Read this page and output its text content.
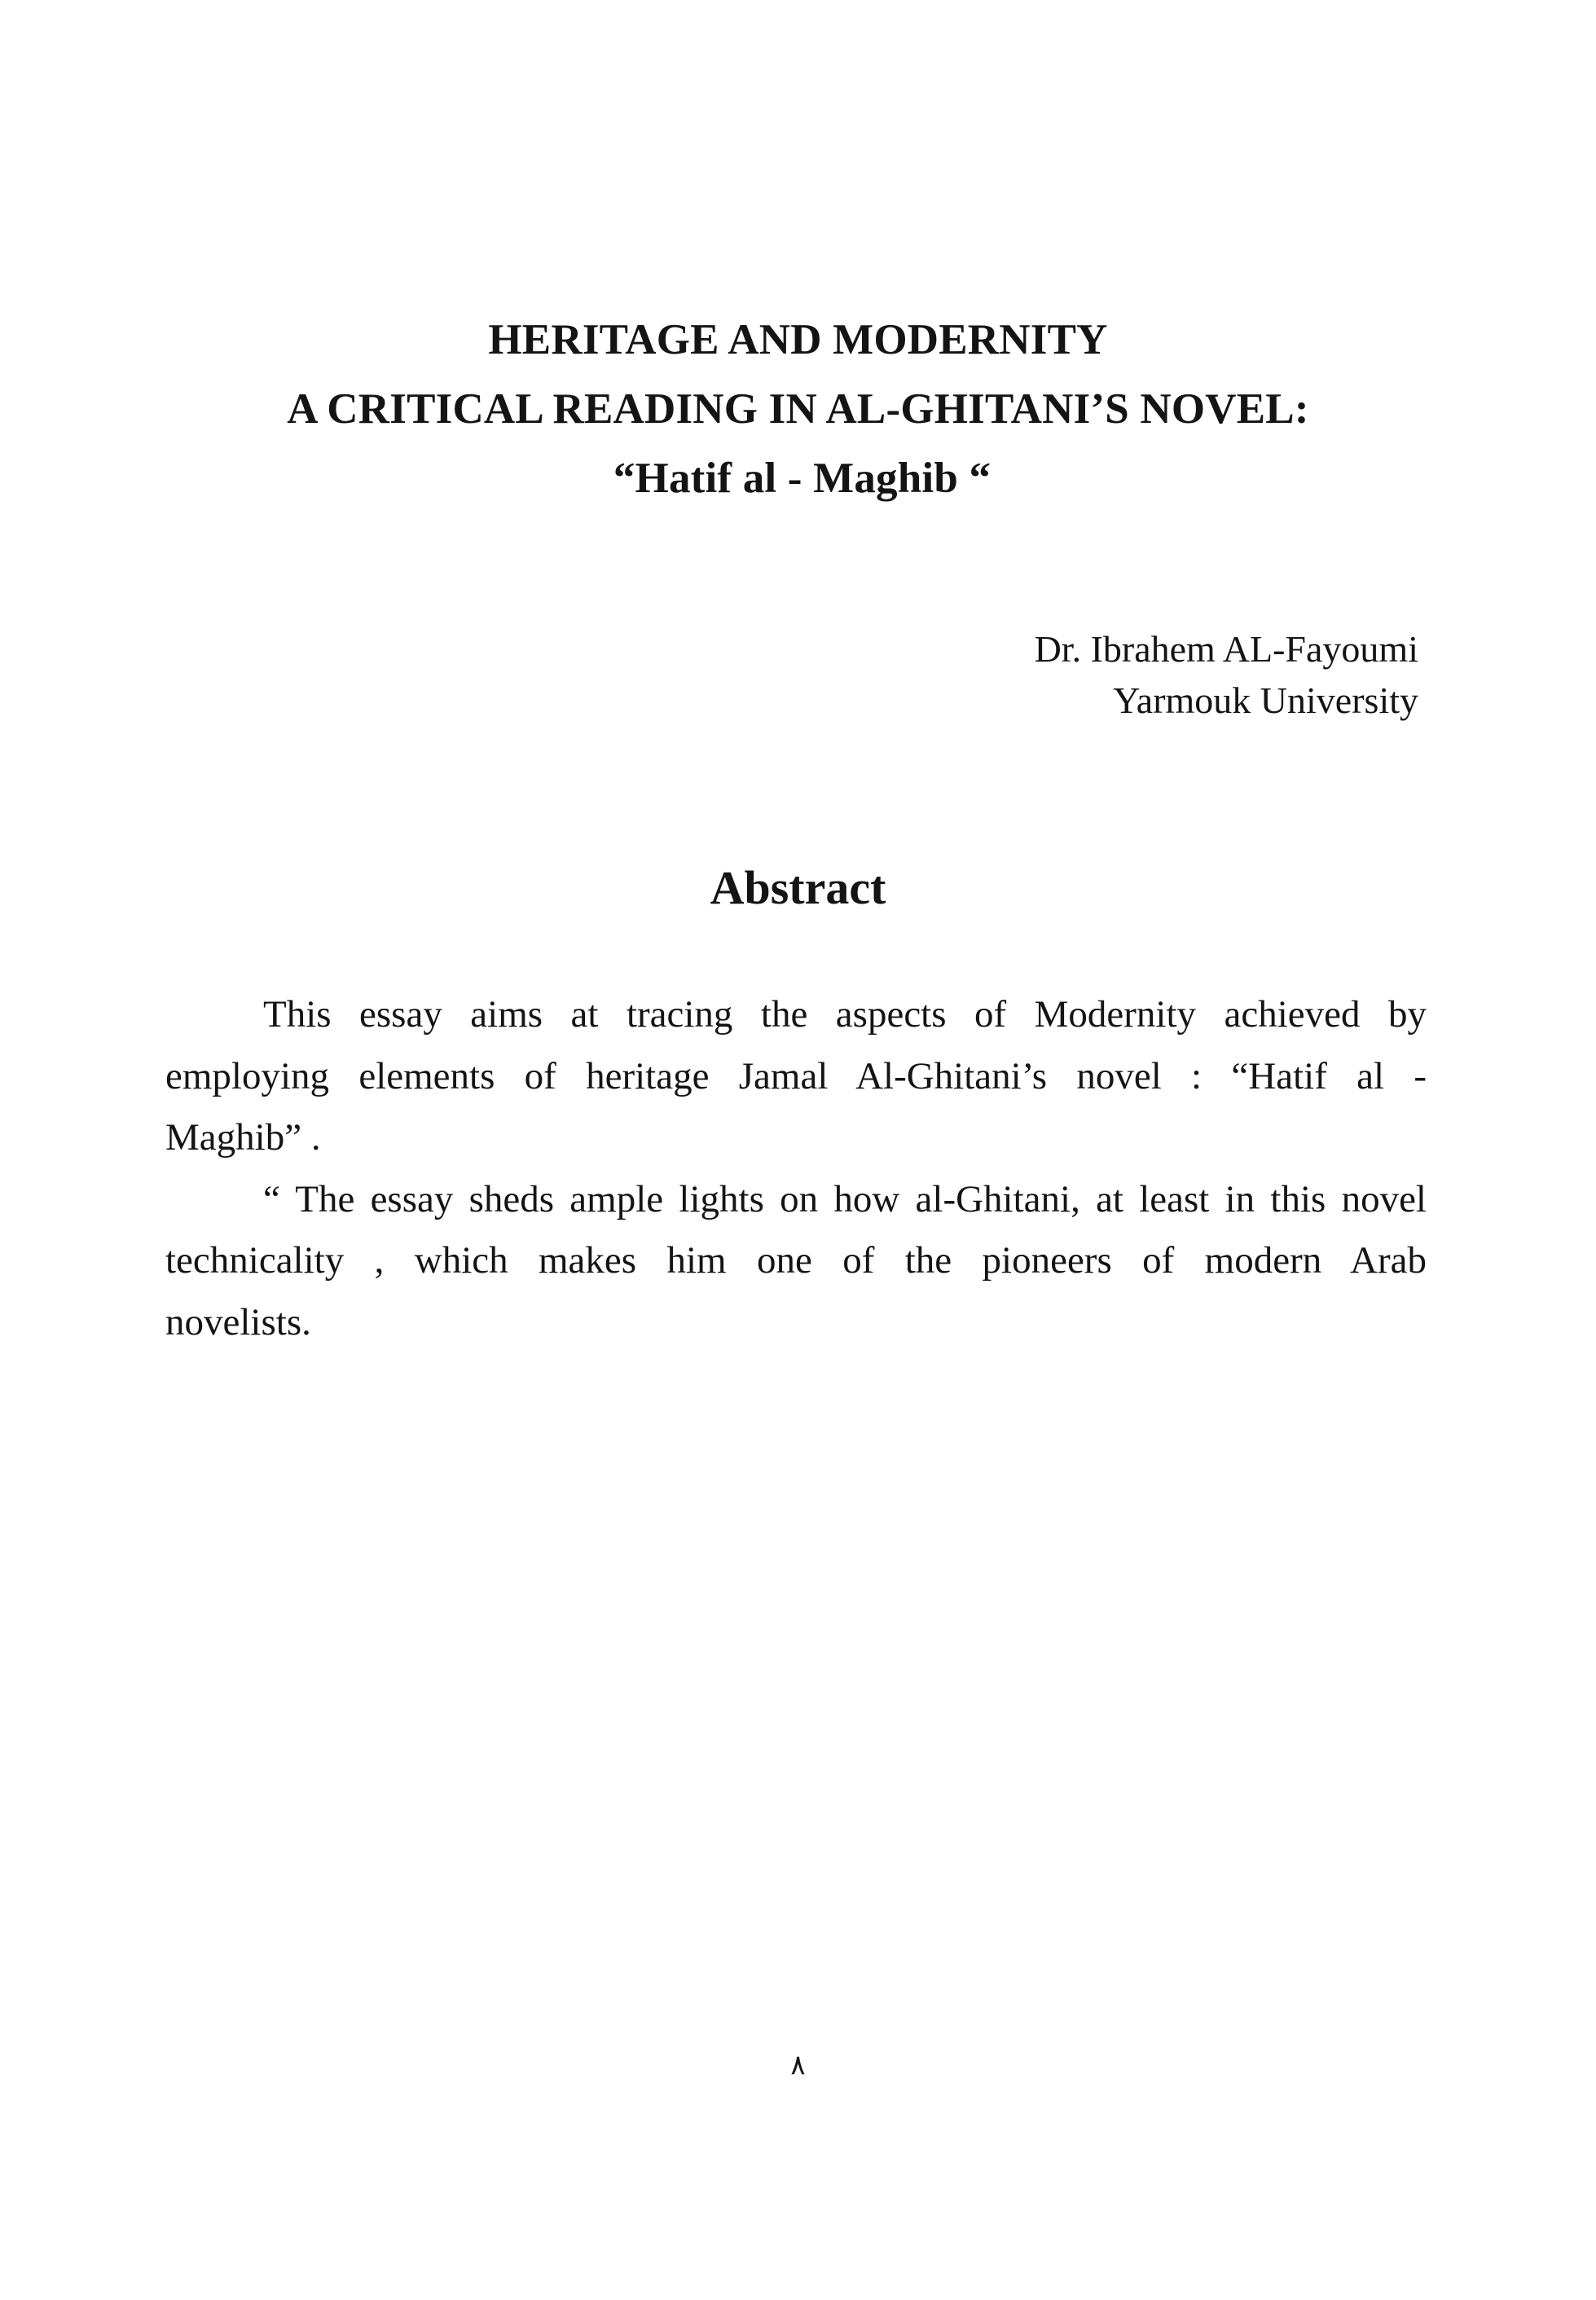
HERITAGE AND MODERNITY
A CRITICAL READING IN AL-GHITANI’S NOVEL:
“Hatif al - Maghib “
Dr. Ibrahem AL-Fayoumi
Yarmouk University
Abstract

This essay aims at tracing the aspects of Modernity achieved by
employing elements of heritage Jamal Al-Ghitani’s novel : “Hatif al -
Maghib” .

“ The essay sheds ample lights on how al-Ghitani, at least in this novel
technicality , which makes him one of the pioneers of modern Arab
novelists.

٨
